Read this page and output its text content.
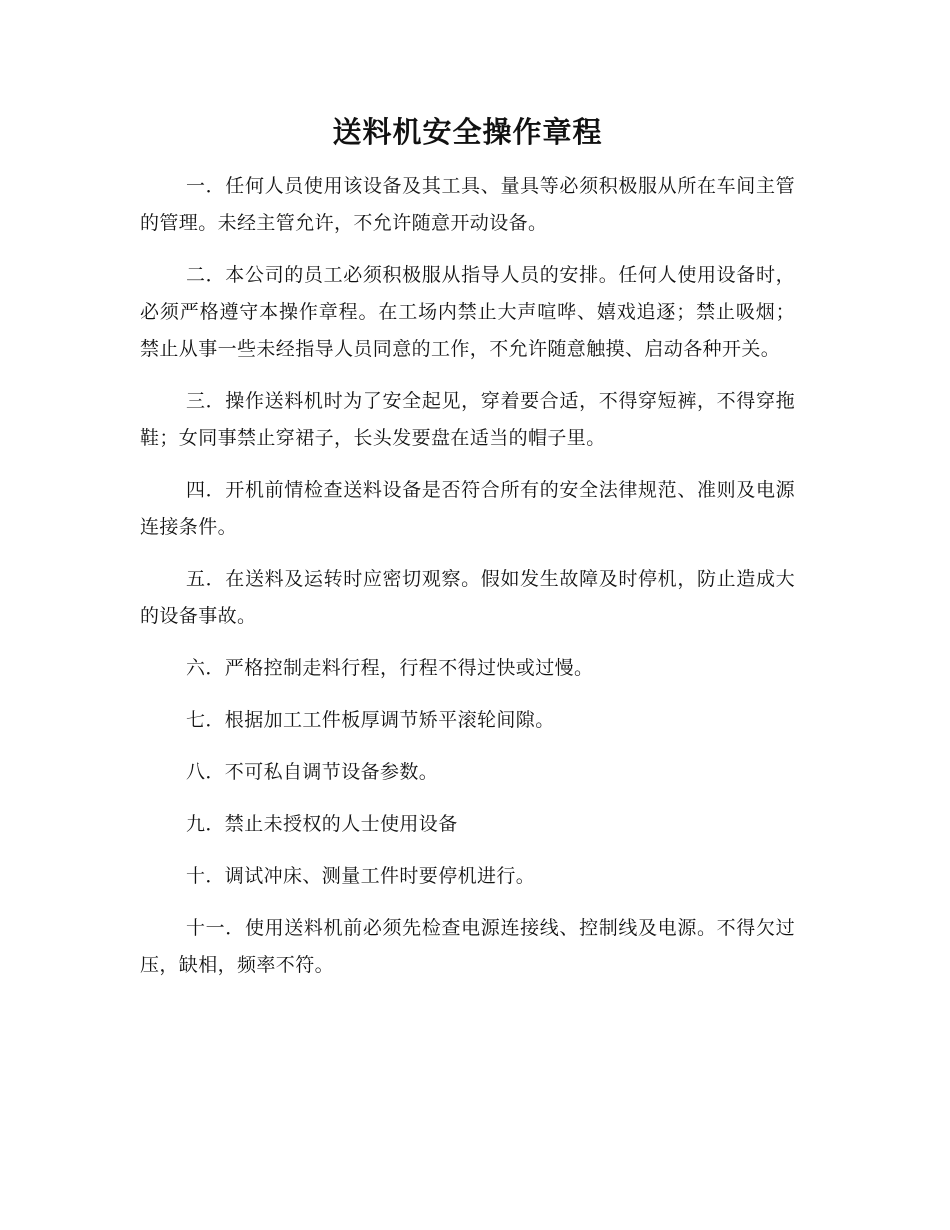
送料机安全操作章程

一．任何人员使用该设备及其工具、量具等必须积极服从所在车间主管的管理。未经主管允许，不允许随意开动设备。

二．本公司的员工必须积极服从指导人员的安排。任何人使用设备时，必须严格遵守本操作章程。在工场内禁止大声喧哗、嬉戏追逐；禁止吸烟；禁止从事一些未经指导人员同意的工作，不允许随意触摸、启动各种开关。

三．操作送料机时为了安全起见，穿着要合适，不得穿短裤，不得穿拖鞋；女同事禁止穿裙子，长头发要盘在适当的帽子里。

四．开机前情检查送料设备是否符合所有的安全法律规范、准则及电源连接条件。

五．在送料及运转时应密切观察。假如发生故障及时停机，防止造成大的设备事故。

六．严格控制走料行程，行程不得过快或过慢。

七．根据加工工件板厚调节矫平滚轮间隙。

八．不可私自调节设备参数。

九．禁止未授权的人士使用设备

十．调试冲床、测量工件时要停机进行。

十一．使用送料机前必须先检查电源连接线、控制线及电源。不得欠过压，缺相，频率不符。
